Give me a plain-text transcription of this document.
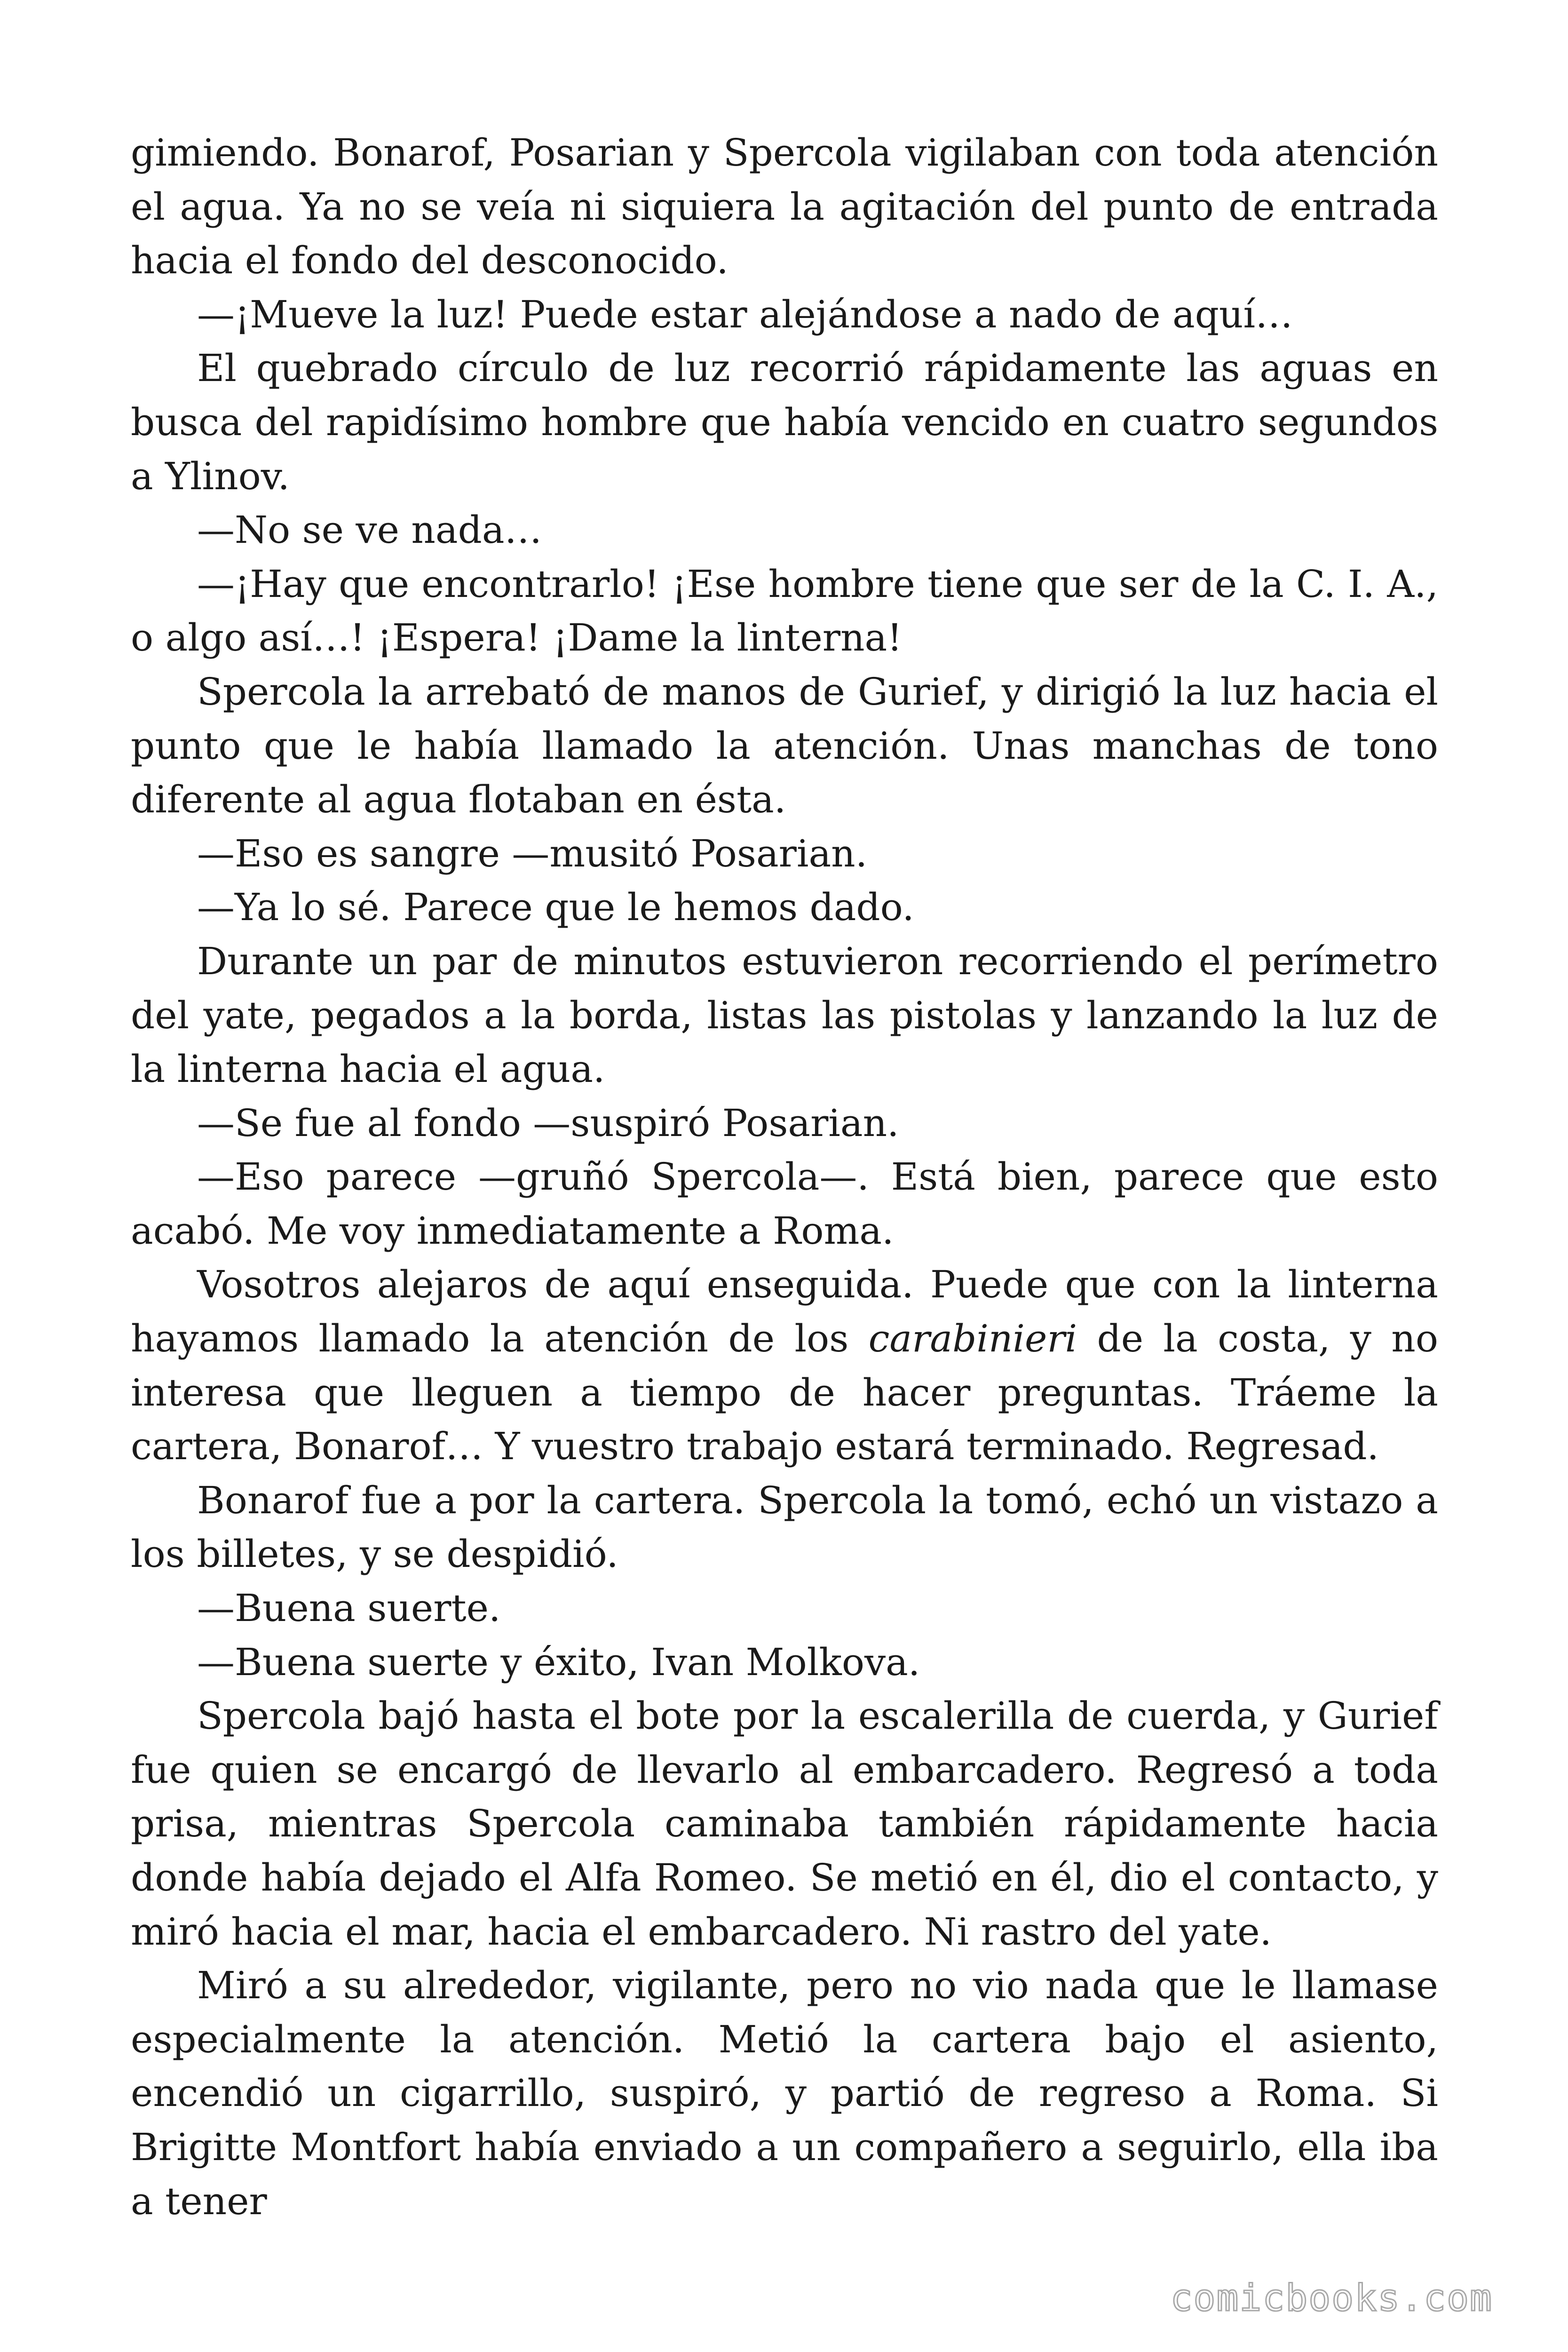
gimiendo. Bonarof, Posarian y Spercola vigilaban con toda atención el agua. Ya no se veía ni siquiera la agitación del punto de entrada hacia el fondo del desconocido.

—¡Mueve la luz! Puede estar alejándose a nado de aquí…

El quebrado círculo de luz recorrió rápidamente las aguas en busca del rapidísimo hombre que había vencido en cuatro segundos a Ylinov.

—No se ve nada…

—¡Hay que encontrarlo! ¡Ese hombre tiene que ser de la C. I. A., o algo así…! ¡Espera! ¡Dame la linterna!

Spercola la arrebató de manos de Gurief, y dirigió la luz hacia el punto que le había llamado la atención. Unas manchas de tono diferente al agua flotaban en ésta.

—Eso es sangre —musitó Posarian.

—Ya lo sé. Parece que le hemos dado.

Durante un par de minutos estuvieron recorriendo el perímetro del yate, pegados a la borda, listas las pistolas y lanzando la luz de la linterna hacia el agua.

—Se fue al fondo —suspiró Posarian.

—Eso parece —gruñó Spercola—. Está bien, parece que esto acabó. Me voy inmediatamente a Roma.

Vosotros alejaros de aquí enseguida. Puede que con la linterna hayamos llamado la atención de los carabinieri de la costa, y no interesa que lleguen a tiempo de hacer preguntas. Tráeme la cartera, Bonarof… Y vuestro trabajo estará terminado. Regresad.

Bonarof fue a por la cartera. Spercola la tomó, echó un vistazo a los billetes, y se despidió.

—Buena suerte.

—Buena suerte y éxito, Ivan Molkova.

Spercola bajó hasta el bote por la escalerilla de cuerda, y Gurief fue quien se encargó de llevarlo al embarcadero. Regresó a toda prisa, mientras Spercola caminaba también rápidamente hacia donde había dejado el Alfa Romeo. Se metió en él, dio el contacto, y miró hacia el mar, hacia el embarcadero. Ni rastro del yate.

Miró a su alrededor, vigilante, pero no vio nada que le llamase especialmente la atención. Metió la cartera bajo el asiento, encendió un cigarrillo, suspiró, y partió de regreso a Roma. Si Brigitte Montfort había enviado a un compañero a seguirlo, ella iba a tener

comicbooks.com
